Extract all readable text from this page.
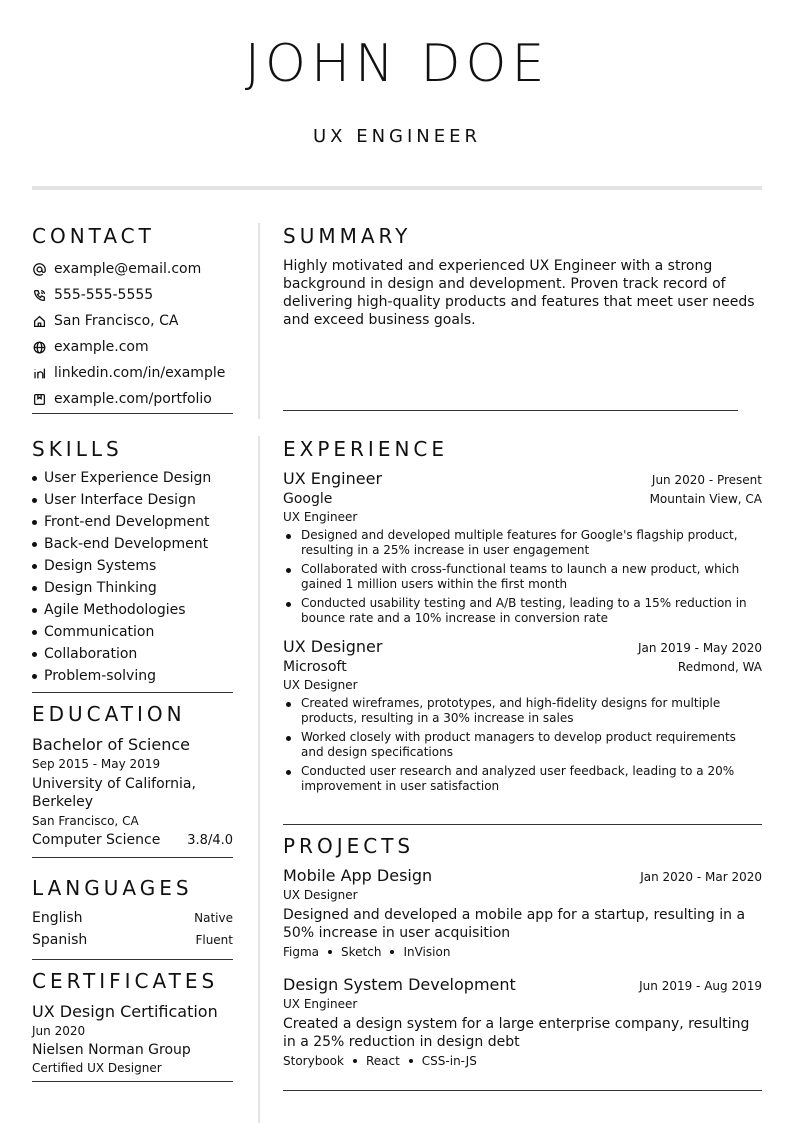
JOHN DOE
UX ENGINEER
CONTACT
example@email.com
555-555-5555
San Francisco, CA
example.com
linkedin.com/in/example
example.com/portfolio
SUMMARY
Highly motivated and experienced UX Engineer with a strong background in design and development. Proven track record of delivering high-quality products and features that meet user needs and exceed business goals.
SKILLS
User Experience Design
User Interface Design
Front-end Development
Back-end Development
Design Systems
Design Thinking
Agile Methodologies
Communication
Collaboration
Problem-solving
EDUCATION
Bachelor of Science
Sep 2015 - May 2019
University of California, Berkeley
San Francisco, CA
Computer Science 3.8/4.0
LANGUAGES
English	Native
Spanish	Fluent
CERTIFICATES
UX Design Certification
Jun 2020
Nielsen Norman Group
Certified UX Designer
EXPERIENCE
UX Engineer	Jun 2020 - Present
Google	Mountain View, CA
UX Engineer
Designed and developed multiple features for Google's flagship product, resulting in a 25% increase in user engagement
Collaborated with cross-functional teams to launch a new product, which gained 1 million users within the first month
Conducted usability testing and A/B testing, leading to a 15% reduction in bounce rate and a 10% increase in conversion rate
UX Designer	Jan 2019 - May 2020
Microsoft	Redmond, WA
UX Designer
Created wireframes, prototypes, and high-fidelity designs for multiple products, resulting in a 30% increase in sales
Worked closely with product managers to develop product requirements and design specifications
Conducted user research and analyzed user feedback, leading to a 20% improvement in user satisfaction
PROJECTS
Mobile App Design	Jan 2020 - Mar 2020
UX Designer
Designed and developed a mobile app for a startup, resulting in a 50% increase in user acquisition
Figma Sketch InVision
Design System Development	Jun 2019 - Aug 2019
UX Engineer
Created a design system for a large enterprise company, resulting in a 25% reduction in design debt
Storybook React CSS-in-JS
